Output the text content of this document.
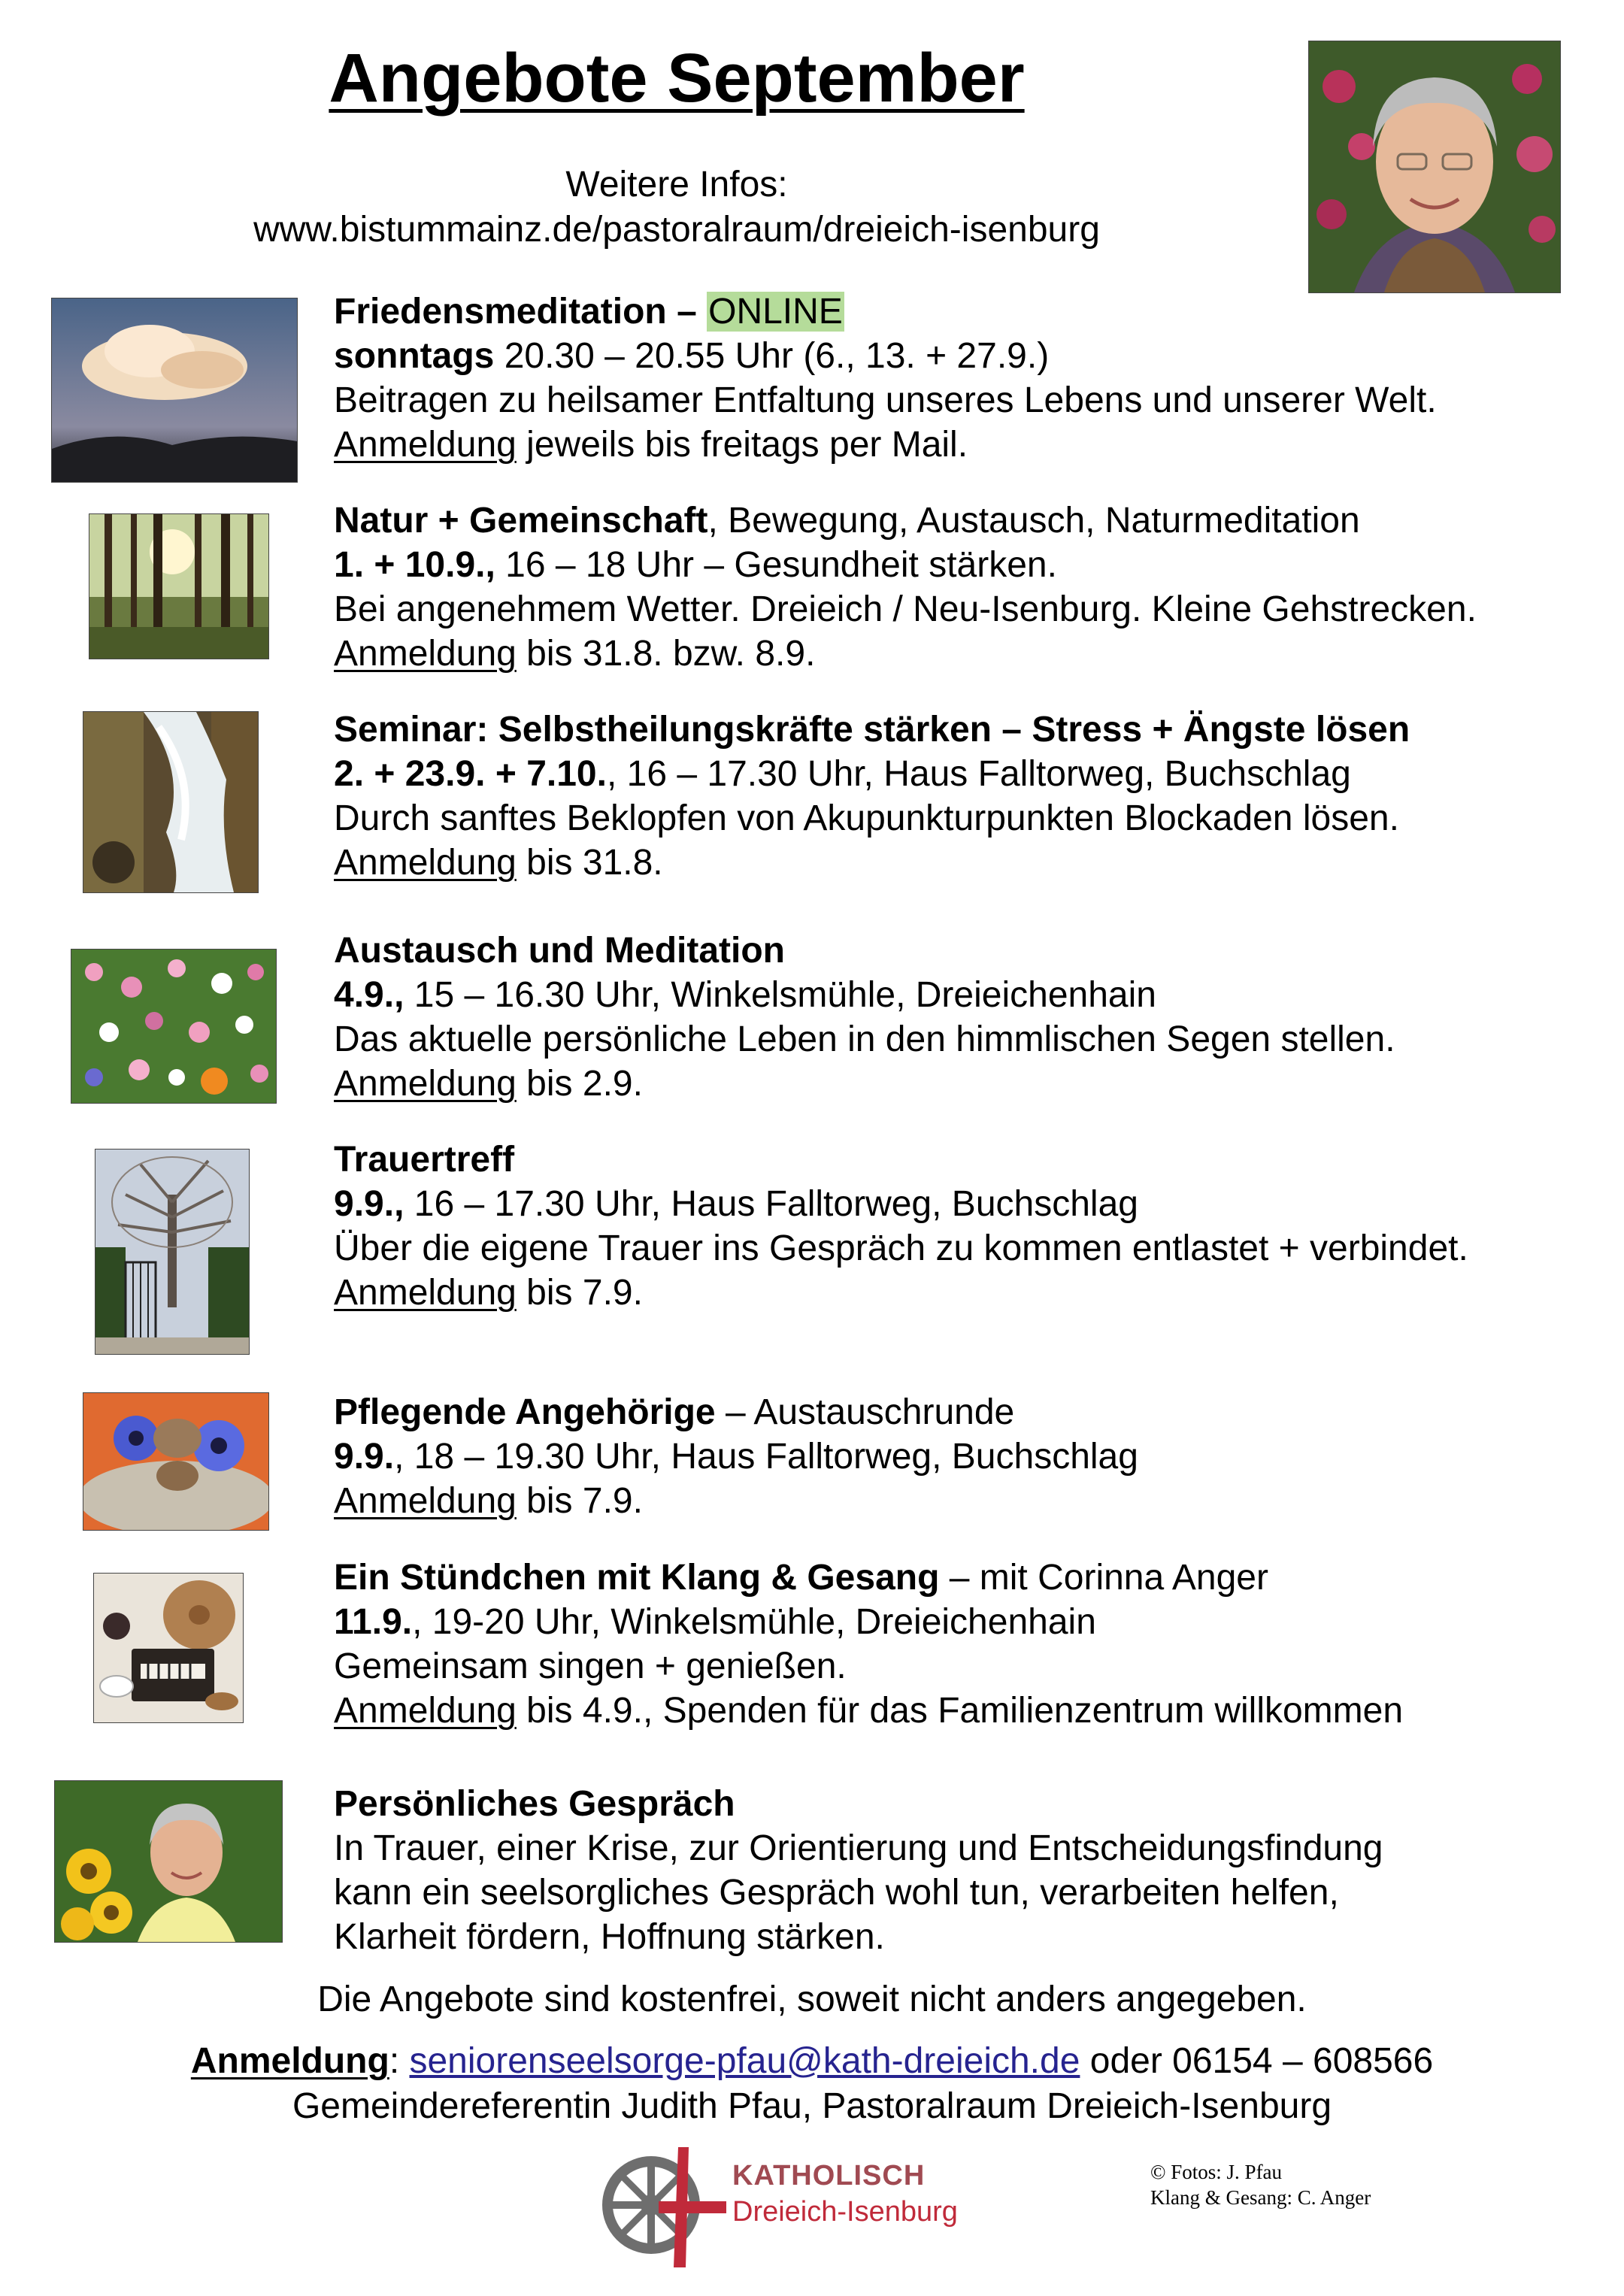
Angebote September
Weitere Infos:
www.bistummainz.de/pastoralraum/dreieich-isenburg
Friedensmeditation – ONLINE
sonntags 20.30 – 20.55 Uhr (6., 13. + 27.9.)
Beitragen zu heilsamer Entfaltung unseres Lebens und unserer Welt.
Anmeldung jeweils bis freitags per Mail.
Natur + Gemeinschaft, Bewegung, Austausch, Naturmeditation
1. + 10.9., 16 – 18 Uhr – Gesundheit stärken.
Bei angenehmem Wetter. Dreieich / Neu-Isenburg. Kleine Gehstrecken.
Anmeldung bis 31.8. bzw. 8.9.
Seminar: Selbstheilungskräfte stärken – Stress + Ängste lösen
2. + 23.9. + 7.10., 16 – 17.30 Uhr, Haus Falltorweg, Buchschlag
Durch sanftes Beklopfen von Akupunkturpunkten Blockaden lösen.
Anmeldung bis 31.8.
Austausch und Meditation
4.9., 15 – 16.30 Uhr, Winkelsmühle, Dreieichenhain
Das aktuelle persönliche Leben in den himmlischen Segen stellen.
Anmeldung bis 2.9.
Trauertreff
9.9., 16 – 17.30 Uhr, Haus Falltorweg, Buchschlag
Über die eigene Trauer ins Gespräch zu kommen entlastet + verbindet.
Anmeldung bis 7.9.
Pflegende Angehörige – Austauschrunde
9.9., 18 – 19.30 Uhr, Haus Falltorweg, Buchschlag
Anmeldung bis 7.9.
Ein Stündchen mit Klang & Gesang – mit Corinna Anger
11.9., 19-20 Uhr, Winkelsmühle, Dreieichenhain
Gemeinsam singen + genießen.
Anmeldung bis 4.9., Spenden für das Familienzentrum willkommen
Persönliches Gespräch
In Trauer, einer Krise, zur Orientierung und Entscheidungsfindung
kann ein seelsorgliches Gespräch wohl tun, verarbeiten helfen,
Klarheit fördern, Hoffnung stärken.
Die Angebote sind kostenfrei, soweit nicht anders angegeben.
Anmeldung: seniorenseelsorge-pfau@kath-dreieich.de oder 06154 – 608566
Gemeindereferentin Judith Pfau, Pastoralraum Dreieich-Isenburg
KATHOLISCH
Dreieich-Isenburg
© Fotos: J. Pfau
Klang & Gesang: C. Anger
